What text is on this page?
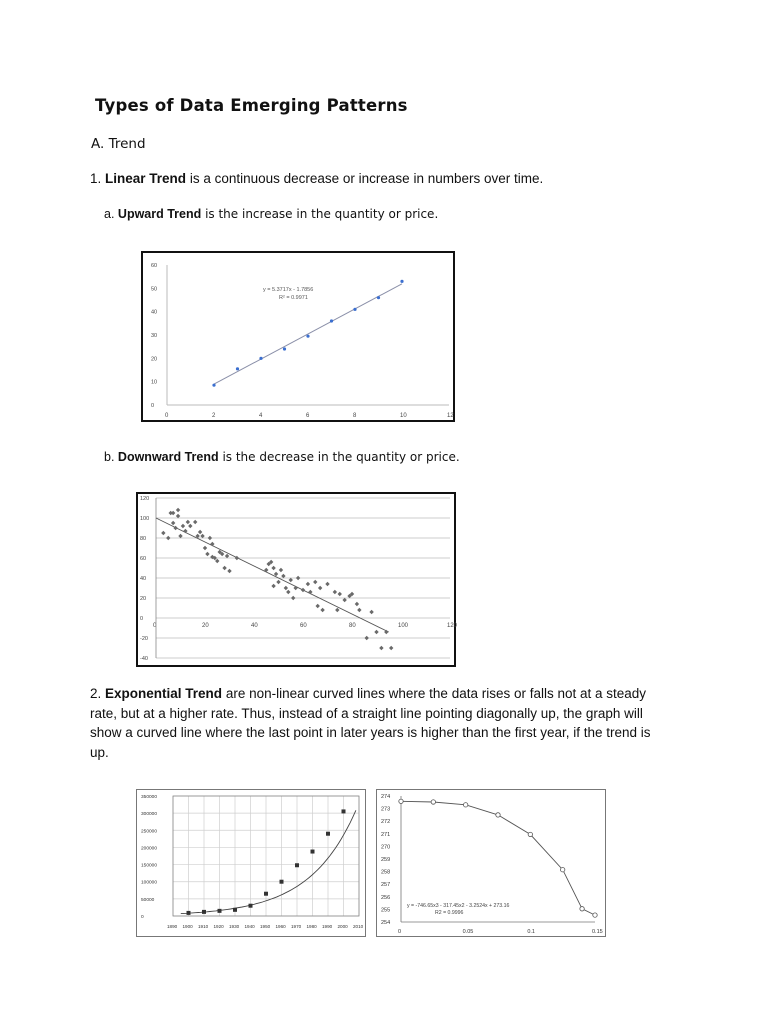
Types of Data Emerging Patterns
A. Trend
1. Linear Trend is a continuous decrease or increase in numbers over time.
a. Upward Trend is the increase in the quantity or price.
0
10
20
30
40
50
60
0	2	4	6	8	10	12
y = 5.3717x - 1.7856
R² = 0.9971
b. Downward Trend is the decrease in the quantity or price.
-40
-20
0
20
40
60
80
100
120
0	20	40	60	80	100	120
2. Exponential Trend are non-linear curved lines where the data rises or falls not at a steady rate, but at a higher rate. Thus, instead of a straight line pointing diagonally up, the graph will show a curved line where the last point in later years is higher than the first year, if the trend is up.
0
50000
100000
150000
200000
250000
300000
350000
1890 1900 1910 1920 1930 1940 1950 1960 1970 1980 1990 2000 2010
274
273
272
271
270
259
258
257
256
255
254
0	0.05	0.1	0.15
y = -746.65x3 - 317.45x2 - 3.2524x + 273.16
R2 = 0.9996
